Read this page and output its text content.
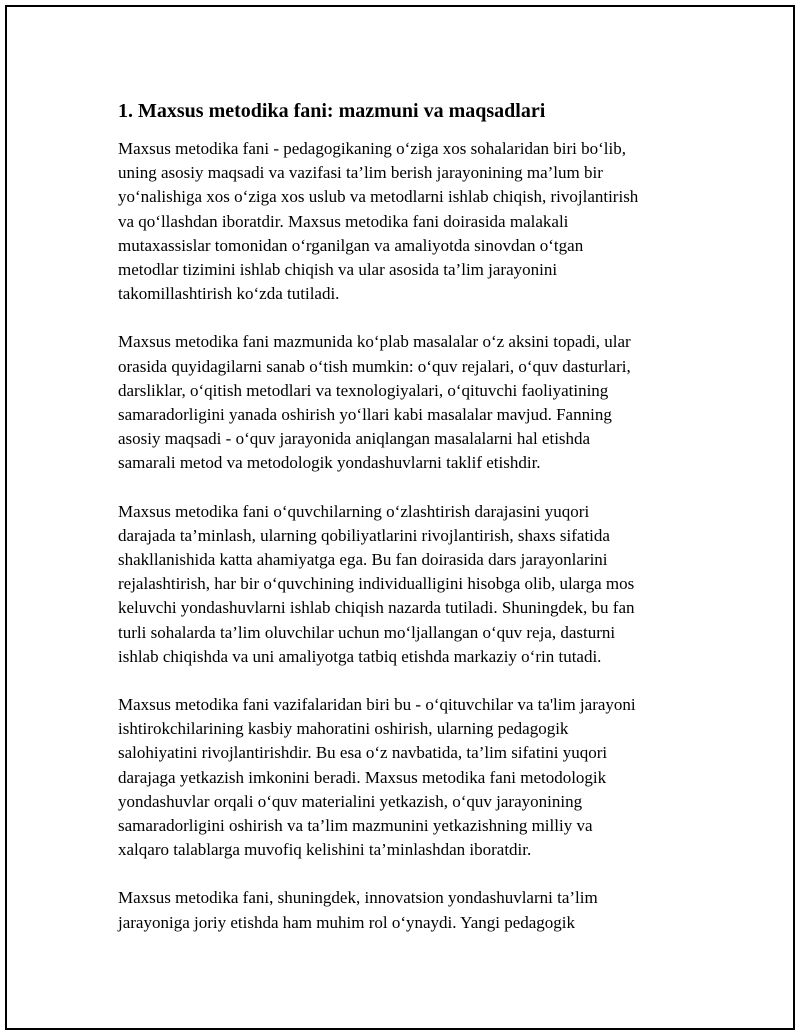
1. Maxsus metodika fani: mazmuni va maqsadlari

Maxsus metodika fani - pedagogikaning o‘ziga xos sohalaridan biri bo‘lib,
uning asosiy maqsadi va vazifasi ta’lim berish jarayonining ma’lum bir
yo‘nalishiga xos o‘ziga xos uslub va metodlarni ishlab chiqish, rivojlantirish
va qo‘llashdan iboratdir. Maxsus metodika fani doirasida malakali
mutaxassislar tomonidan o‘rganilgan va amaliyotda sinovdan o‘tgan
metodlar tizimini ishlab chiqish va ular asosida ta’lim jarayonini
takomillashtirish ko‘zda tutiladi.

Maxsus metodika fani mazmunida ko‘plab masalalar o‘z aksini topadi, ular
orasida quyidagilarni sanab o‘tish mumkin: o‘quv rejalari, o‘quv dasturlari,
darsliklar, o‘qitish metodlari va texnologiyalari, o‘qituvchi faoliyatining
samaradorligini yanada oshirish yo‘llari kabi masalalar mavjud. Fanning
asosiy maqsadi - o‘quv jarayonida aniqlangan masalalarni hal etishda
samarali metod va metodologik yondashuvlarni taklif etishdir.

Maxsus metodika fani o‘quvchilarning o‘zlashtirish darajasini yuqori
darajada ta’minlash, ularning qobiliyatlarini rivojlantirish, shaxs sifatida
shakllanishida katta ahamiyatga ega. Bu fan doirasida dars jarayonlarini
rejalashtirish, har bir o‘quvchining individualligini hisobga olib, ularga mos
keluvchi yondashuvlarni ishlab chiqish nazarda tutiladi. Shuningdek, bu fan
turli sohalarda ta’lim oluvchilar uchun mo‘ljallangan o‘quv reja, dasturni
ishlab chiqishda va uni amaliyotga tatbiq etishda markaziy o‘rin tutadi.

Maxsus metodika fani vazifalaridan biri bu - o‘qituvchilar va ta'lim jarayoni
ishtirokchilarining kasbiy mahoratini oshirish, ularning pedagogik
salohiyatini rivojlantirishdir. Bu esa o‘z navbatida, ta’lim sifatini yuqori
darajaga yetkazish imkonini beradi. Maxsus metodika fani metodologik
yondashuvlar orqali o‘quv materialini yetkazish, o‘quv jarayonining
samaradorligini oshirish va ta’lim mazmunini yetkazishning milliy va
xalqaro talablarga muvofiq kelishini ta’minlashdan iboratdir.

Maxsus metodika fani, shuningdek, innovatsion yondashuvlarni ta’lim
jarayoniga joriy etishda ham muhim rol o‘ynaydi. Yangi pedagogik
